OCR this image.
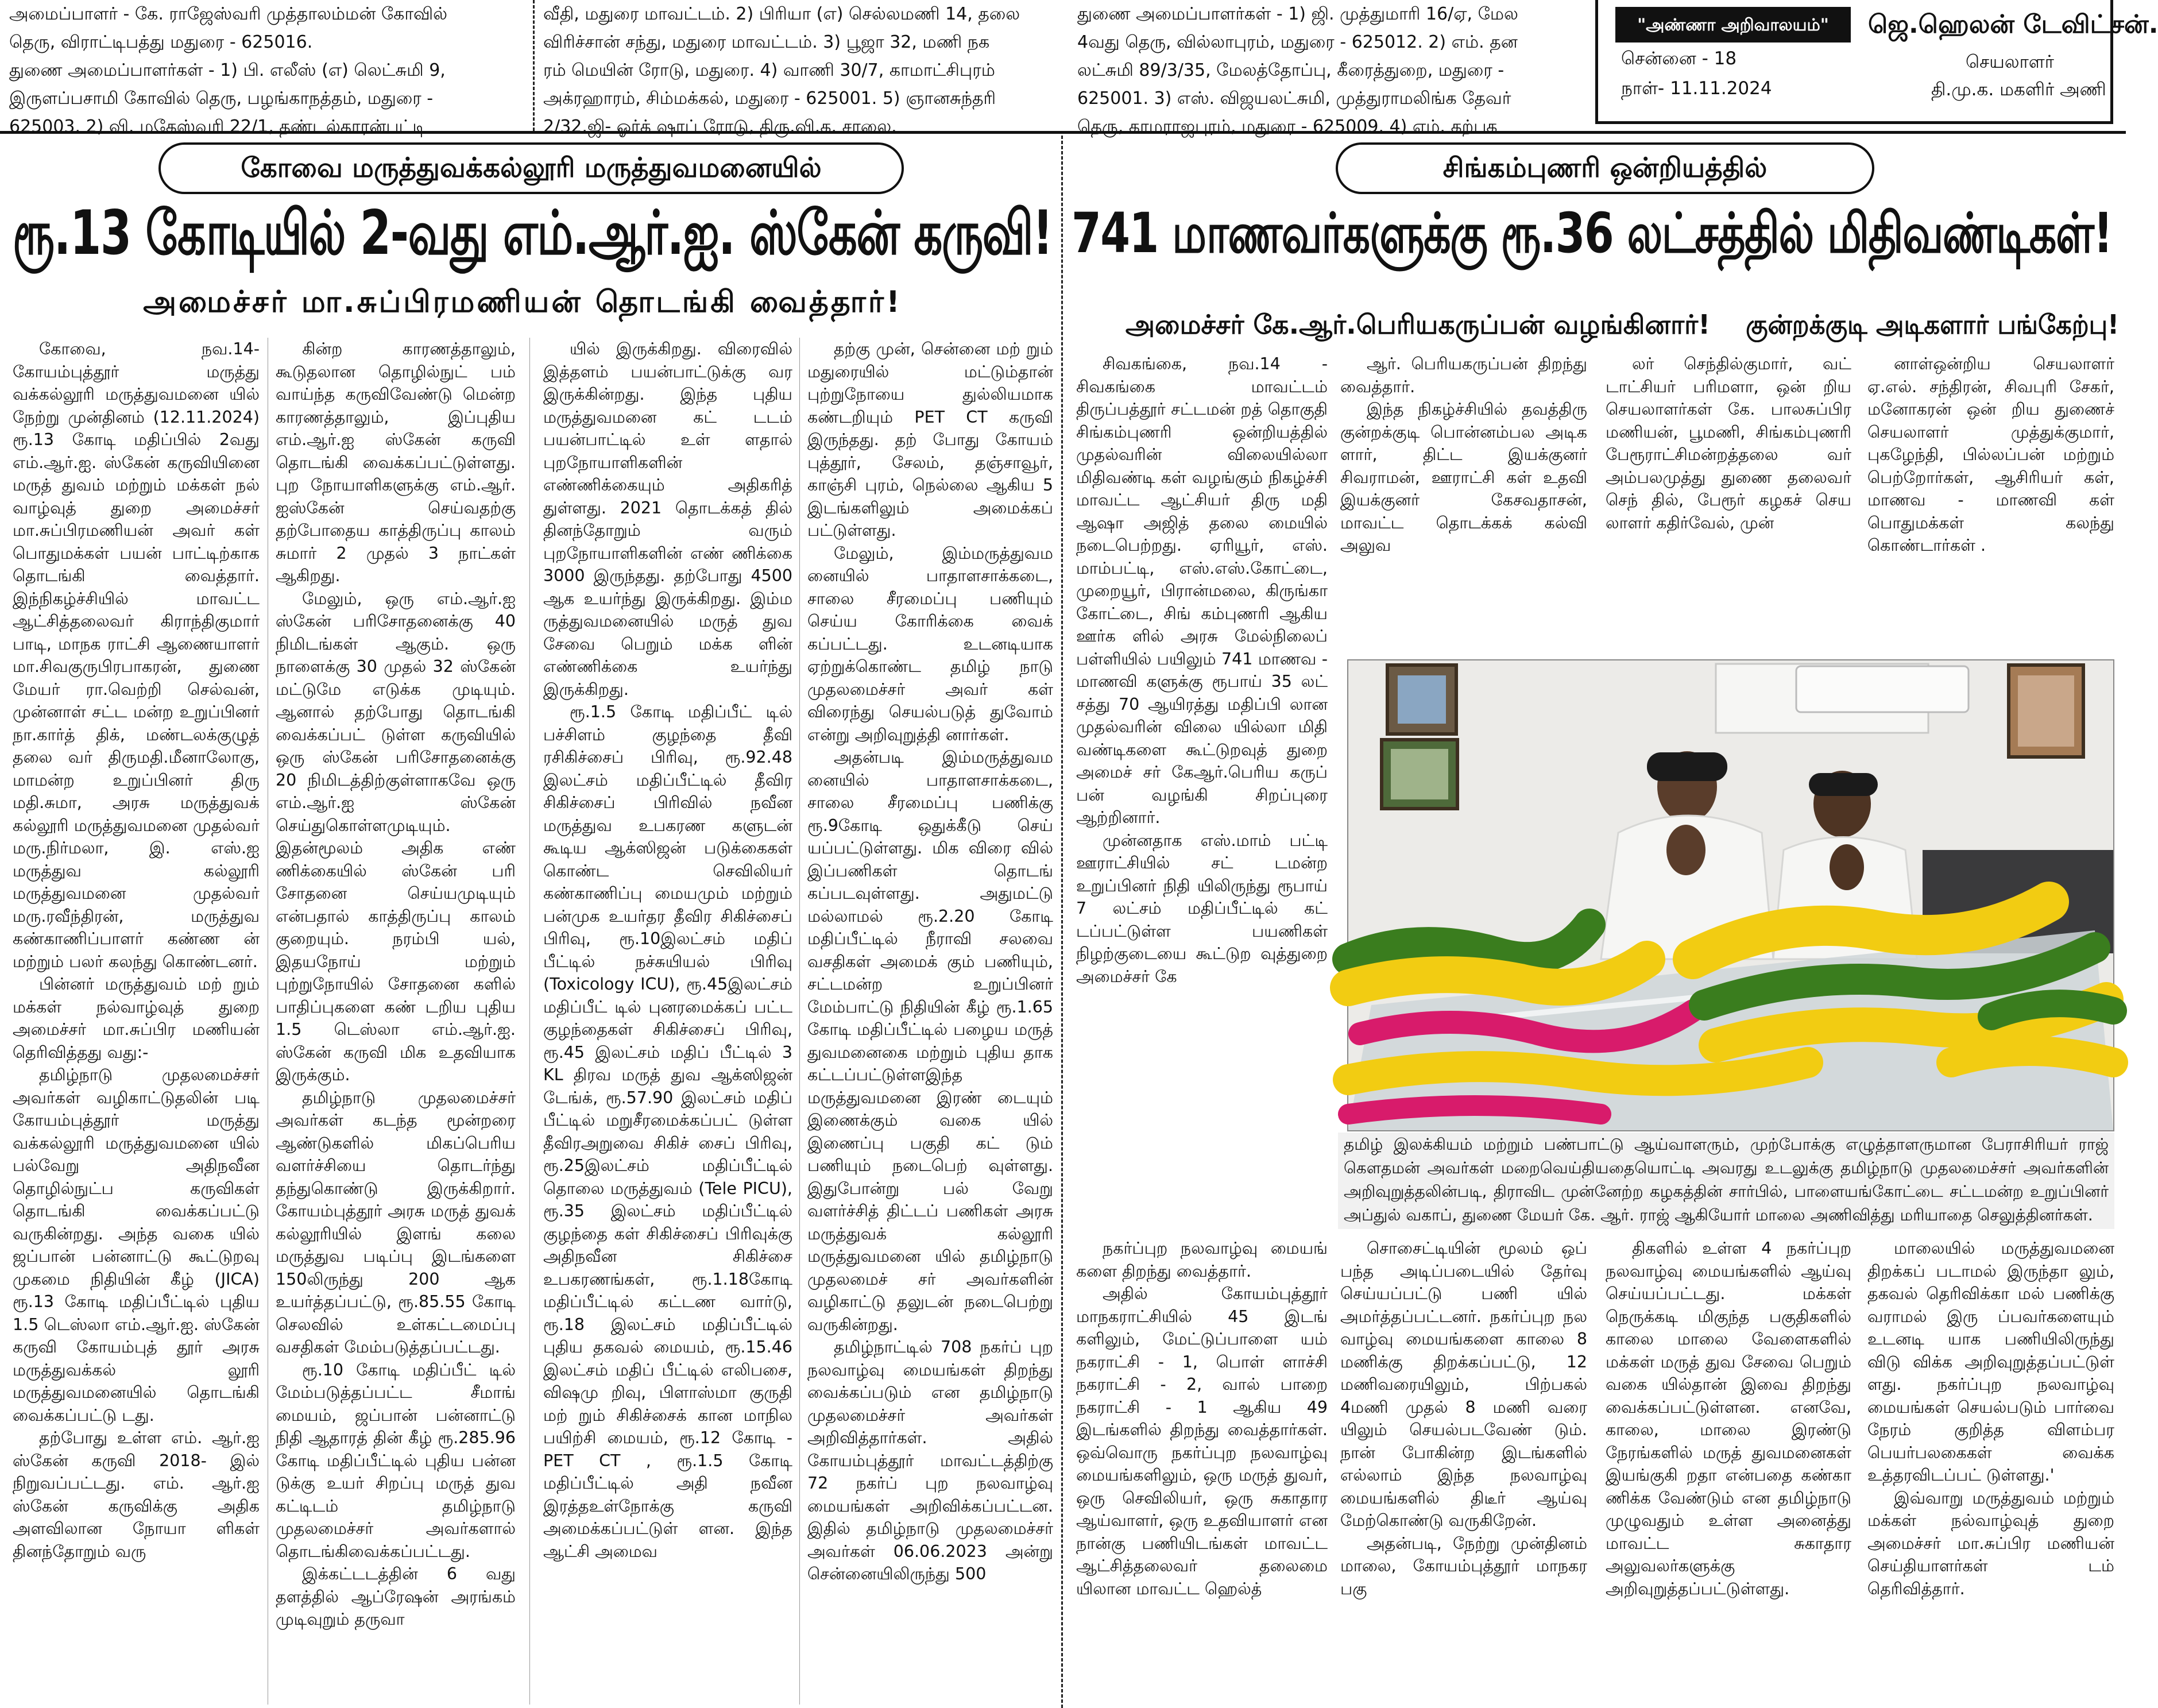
அமைப்பாளர் - கே. ராஜேஸ்வரி முத்தாலம்மன் கோவில்

தெரு, விராட்டிபத்து மதுரை - 625016.

துணை அமைப்பாளர்கள் - 1) பி. எலீஸ் (எ) லெட்சுமி 9,

இருளப்பசாமி கோவில் தெரு, பழங்காநத்தம், மதுரை -

625003. 2) வி. மகேஸ்வரி 22/1, தண்டல்காரன்பட்டி

வீதி, மதுரை மாவட்டம். 2) பிரியா (எ) செல்லமணி 14, தலை

விரிச்சான் சந்து, மதுரை மாவட்டம். 3) பூஜா 32, மணி நக

ரம் மெயின் ரோடு, மதுரை. 4) வாணி 30/7, காமாட்சிபுரம்

அக்ரஹாரம், சிம்மக்கல், மதுரை - 625001. 5) ஞானசுந்தரி

2/32.ஜி- ஓர்க் ஷாப் ரோடு, திரு.வி.க. சாலை.

துணை அமைப்பாளர்கள் - 1) ஜி. முத்துமாரி 16/ஏ, மேல

4வது தெரு, வில்லாபுரம், மதுரை - 625012. 2) எம். தன

லட்சுமி 89/3/35, மேலத்தோப்பு, கீரைத்துறை, மதுரை -

625001. 3) எஸ். விஜயலட்சுமி, முத்துராமலிங்க தேவர்

தெரு, காமராஜபுரம், மதுரை - 625009. 4) எம். கற்பக

"அண்ணா அறிவாலயம்"	ஜெ.ஹெலன் டேவிட்சன்.
சென்னை - 18	செயலாளர்
நாள்- 11.11.2024	தி.மு.க. மகளிர் அணி
கோவை மருத்துவக்கல்லூரி மருத்துவமனையில்
ரூ.13 கோடியில் 2-வது எம்.ஆர்.ஐ. ஸ்கேன் கருவி!
அமைச்சர் மா.சுப்பிரமணியன் தொடங்கி வைத்தார்!

கோவை, நவ.14- கோயம்புத்தூர் மருத்து வக்கல்லூரி மருத்துவமனை யில் நேற்று முன்தினம் (12.11.2024) ரூ.13 கோடி மதிப்பில் 2வது எம்.ஆர்.ஐ. ஸ்கேன் கருவியினை மருத் துவம் மற்றும் மக்கள் நல் வாழ்வுத் துறை அமைச்சர் மா.சுப்பிரமணியன் அவர் கள் பொதுமக்கள் பயன் பாட்டிற்காக தொடங்கி வைத்தார். இந்நிகழ்ச்சியில் மாவட்ட ஆட்சித்தலைவர் கிராந்திகுமார் பாடி, மாநக ராட்சி ஆணையாளர் மா.சிவகுருபிரபாகரன், துணை மேயர் ரா.வெற்றி செல்வன், முன்னாள் சட்ட மன்ற உறுப்பினர் நா.கார்த் திக், மண்டலக்குழுத் தலை வர் திருமதி.மீனாலோகு, மாமன்ற உறுப்பினர் திரு மதி.சுமா, அரசு மருத்துவக் கல்லூரி மருத்துவமனை முதல்வர் மரு.நிர்மலா, இ. எஸ்.ஐ மருத்துவ கல்லூரி மருத்துவமனை முதல்வர் மரு.ரவீந்திரன், மருத்துவ கண்காணிப்பாளர் கண்ண ன் மற்றும் பலர் கலந்து கொண்டனர்.

பின்னர் மருத்துவம் மற் றும் மக்கள் நல்வாழ்வுத் துறை அமைச்சர் மா.சுப்பிர மணியன் தெரிவித்தது வது:-

தமிழ்நாடு முதலமைச்சர் அவர்கள் வழிகாட்டுதலின் படி கோயம்புத்தூர் மருத்து வக்கல்லூரி மருத்துவமனை யில் பல்வேறு அதிநவீன தொழில்நுட்ப கருவிகள் தொடங்கி வைக்கப்பட்டு வருகின்றது. அந்த வகை யில் ஜப்பான் பன்னாட்டு கூட்டுறவு முகமை நிதியின் கீழ் (JICA) ரூ.13 கோடி மதிப்பீட்டில் புதிய 1.5 டெஸ்லா எம்.ஆர்.ஐ. ஸ்கேன் கருவி கோயம்புத் தூர் அரசு மருத்துவக்கல் லூரி மருத்துவமனையில் தொடங்கி வைக்கப்பட்டு டது.

தற்போது உள்ள எம். ஆர்.ஐ ஸ்கேன் கருவி 2018- இல் நிறுவப்பட்டது. எம். ஆர்.ஐ ஸ்கேன் கருவிக்கு அதிக அளவிலான நோயா ளிகள் தினந்தோறும் வரு

கின்ற காரணத்தாலும், கூடுதலான தொழில்நுட் பம் வாய்ந்த கருவிவேண்டு மென்ற காரணத்தாலும், இப்புதிய எம்.ஆர்.ஐ ஸ்கேன் கருவி தொடங்கி வைக்கப்பட்டுள்ளது. புற நோயாளிகளுக்கு எம்.ஆர். ஐஸ்கேன் செய்வதற்கு தற்போதைய காத்திருப்பு காலம் சுமார் 2 முதல் 3 நாட்கள் ஆகிறது.

மேலும், ஒரு எம்.ஆர்.ஐ ஸ்கேன் பரிசோதனைக்கு 40 நிமிடங்கள் ஆகும். ஒரு நாளைக்கு 30 முதல் 32 ஸ்கேன் மட்டுமே எடுக்க முடியும். ஆனால் தற்போது தொடங்கி வைக்கப்பட் டுள்ள கருவியில் ஒரு ஸ்கேன் பரிசோதனைக்கு 20 நிமிடத்திற்குள்ளாகவே ஒரு எம்.ஆர்.ஐ ஸ்கேன் செய்துகொள்ளமுடியும். இதன்மூலம் அதிக எண் ணிக்கையில் ஸ்கேன் பரி சோதனை செய்யமுடியும் என்பதால் காத்திருப்பு காலம் குறையும். நரம்பி யல், இதயநோய் மற்றும் புற்றுநோயில் சோதனை களில் பாதிப்புகளை கண் டறிய புதிய 1.5 டெஸ்லா எம்.ஆர்.ஐ. ஸ்கேன் கருவி மிக உதவியாக இருக்கும்.

தமிழ்நாடு முதலமைச்சர் அவர்கள் கடந்த மூன்றரை ஆண்டுகளில் மிகப்பெரிய வளர்ச்சியை தொடர்ந்து தந்துகொண்டு இருக்கிறார். கோயம்புத்தூர் அரசு மருத் துவக் கல்லூரியில் இளங் கலை மருத்துவ படிப்பு இடங்களை 150லிருந்து 200 ஆக உயர்த்தப்பட்டு, ரூ.85.55 கோடி செலவில் உள்கட்டமைப்பு வசதிகள் மேம்படுத்தப்பட்டது.

ரூ.10 கோடி மதிப்பீட் டில் மேம்படுத்தப்பட்ட சீமாங் மையம், ஜப்பான் பன்னாட்டு நிதி ஆதாரத் தின் கீழ் ரூ.285.96 கோடி மதிப்பீட்டில் புதிய பன்ன டுக்கு உயர் சிறப்பு மருத் துவ கட்டிடம் தமிழ்நாடு முதலமைச்சர் அவர்களால் தொடங்கிவைக்கப்பட்டது.

இக்கட்டடத்தின் 6 வது தளத்தில் ஆப்ரேஷன் அரங்கம் முடிவுறும் தருவா

யில் இருக்கிறது. விரைவில் இத்தளம் பயன்பாட்டுக்கு வர இருக்கின்றது. இந்த புதிய மருத்துவமனை கட் டடம் பயன்பாட்டில் உள் ளதால் புறநோயாளிகளின் எண்ணிக்கையும் அதிகரித் துள்ளது. 2021 தொடக்கத் தில் தினந்தோறும் வரும் புறநோயாளிகளின் எண் ணிக்கை 3000 இருந்தது. தற்போது 4500 ஆக உயர்ந்து இருக்கிறது. இம்ம ருத்துவமனையில் மருத் துவ சேவை பெறும் மக்க ளின் எண்ணிக்கை உயர்ந்து இருக்கிறது.

ரூ.1.5 கோடி மதிப்பீட் டில் பச்சிளம் குழந்தை தீவி ரசிகிச்சைப் பிரிவு, ரூ.92.48 இலட்சம் மதிப்பீட்டில் தீவிர சிகிச்சைப் பிரிவில் நவீன மருத்துவ உபகரண களுடன் கூடிய ஆக்ஸிஜன் படுக்கைகள் கொண்ட செவிலியர் கண்காணிப்பு மையமும் மற்றும் பன்முக உயர்தர தீவிர சிகிச்சைப் பிரிவு, ரூ.10இலட்சம் மதிப் பீட்டில் நச்சுயியல் பிரிவு (Toxicology ICU), ரூ.45இலட்சம் மதிப்பீட் டில் புனரமைக்கப் பட்ட குழந்தைகள் சிகிச்சைப் பிரிவு, ரூ.45 இலட்சம் மதிப் பீட்டில் 3 KL திரவ மருத் துவ ஆக்ஸிஜன் டேங்க், ரூ.57.90 இலட்சம் மதிப் பீட்டில் மறுசீரமைக்கப்பட் டுள்ள தீவிரஅறுவை சிகிச் சைப் பிரிவு, ரூ.25இலட்சம் மதிப்பீட்டில் தொலை மருத்துவம் (Tele PICU), ரூ.35 இலட்சம் மதிப்பீட்டில் குழந்தை கள் சிகிச்சைப் பிரிவுக்கு அதிநவீன சிகிச்சை உபகரணங்கள், ரூ.1.18கோடி மதிப்பீட்டில் கட்டண வார்டு, ரூ.18 இலட்சம் மதிப்பீட்டில் புதிய தகவல் மையம், ரூ.15.46 இலட்சம் மதிப் பீட்டில் எலிபசை, விஷமு றிவு, பிளாஸ்மா குருதி மற் றும் சிகிச்சைக் கான மாநில பயிற்சி மையம், ரூ.12 கோடி - PET CT , ரூ.1.5 கோடி மதிப்பீட்டில் அதி நவீன இரத்தஉள்நோக்கு கருவி அமைக்கப்பட்டுள் ளன. இந்த ஆட்சி அமைவ

தற்கு முன், சென்னை மற் றும் மதுரையில் மட்டும்தான் புற்றுநோயை துல்லியமாக கண்டறியும் PET CT கருவி இருந்தது. தற் போது கோயம் புத்தூர், சேலம், தஞ்சாவூர், காஞ்சி புரம், நெல்லை ஆகிய 5 இடங்களிலும் அமைக்கப் பட்டுள்ளது.

மேலும், இம்மருத்துவம னையில் பாதாளசாக்கடை, சாலை சீரமைப்பு பணியும் செய்ய கோரிக்கை வைக் கப்பட்டது. உடனடியாக ஏற்றுக்கொண்ட தமிழ் நாடு முதலமைச்சர் அவர் கள் விரைந்து செயல்படுத் துவோம் என்று அறிவுறுத்தி னார்கள்.

அதன்படி இம்மருத்துவம னையில் பாதாளசாக்கடை, சாலை சீரமைப்பு பணிக்கு ரூ.9கோடி ஒதுக்கீடு செய் யப்பட்டுள்ளது. மிக விரை வில் இப்பணிகள் தொடங் கப்படவுள்ளது. அதுமட்டு மல்லாமல் ரூ.2.20 கோடி மதிப்பீட்டில் நீராவி சலவை வசதிகள் அமைக் கும் பணியும், சட்டமன்ற உறுப்பினர் மேம்பாட்டு நிதியின் கீழ் ரூ.1.65 கோடி மதிப்பீட்டில் பழைய மருத் துவமனைகை மற்றும் புதிய தாக கட்டப்பட்டுள்ளஇந்த மருத்துவமனை இரண் டையும் இணைக்கும் வகை யில் இணைப்பு பகுதி கட் டும் பணியும் நடைபெற் வுள்ளது. இதுபோன்று பல் வேறு வளர்ச்சித் திட்டப் பணிகள் அரசு மருத்துவக் கல்லூரி மருத்துவமனை யில் தமிழ்நாடு முதலமைச் சர் அவர்களின் வழிகாட்டு தலுடன் நடைபெற்று வருகின்றது.

தமிழ்நாட்டில் 708 நகர்ப் புற நலவாழ்வு மையங்கள் திறந்து வைக்கப்படும் என தமிழ்நாடு முதலமைச்சர் அவர்கள் அறிவித்தார்கள். அதில் கோயம்புத்தூர் மாவட்டத்திற்கு 72 நகர்ப் புற நலவாழ்வு மையங்கள் அறிவிக்கப்பட்டன. இதில் தமிழ்நாடு முதலமைச்சர் அவர்கள் 06.06.2023 அன்று சென்னையிலிருந்து 500

சிங்கம்புணரி ஒன்றியத்தில்
741 மாணவர்களுக்கு ரூ.36 லட்சத்தில் மிதிவண்டிகள்!
அமைச்சர் கே.ஆர்.பெரியகருப்பன் வழங்கினார்!	குன்றக்குடி அடிகளார் பங்கேற்பு!

சிவகங்கை, நவ.14 - சிவகங்கை மாவட்டம் திருப்பத்தூர் சட்டமன் றத் தொகுதி சிங்கம்புணரி ஒன்றியத்தில் முதல்வரின் விலையில்லா மிதிவண்டி கள் வழங்கும் நிகழ்ச்சி மாவட்ட ஆட்சியர் திரு மதி ஆஷா அஜித் தலை மையில் நடைபெற்றது. ஏரியூர், எஸ். மாம்பட்டி, எஸ்.எஸ்.கோட்டை, முறையூர், பிரான்மலை, கிருங்கா கோட்டை, சிங் கம்புணரி ஆகிய ஊர்க ளில் அரசு மேல்நிலைப் பள்ளியில் பயிலும் 741 மாணவ - மாணவி களுக்கு ரூபாய் 35 லட் சத்து 70 ஆயிரத்து மதிப்பி லான முதல்வரின் விலை யில்லா மிதி வண்டிகளை கூட்டுறவுத் துறை அமைச் சர் கேஆர்.பெரிய கருப் பன் வழங்கி சிறப்புரை ஆற்றினார்.

முன்னதாக எஸ்.மாம் பட்டி ஊராட்சியில் சட் டமன்ற உறுப்பினர் நிதி யிலிருந்து ரூபாய் 7 லட்சம் மதிப்பீட்டில் கட் டப்பட்டுள்ள பயணிகள் நிழற்குடையை கூட்டுற வுத்துறை அமைச்சர் கே

ஆர். பெரியகருப்பன் திறந்து வைத்தார்.

இந்த நிகழ்ச்சியில் தவத்திரு குன்றக்குடி பொன்னம்பல அடிக ளார், திட்ட இயக்குனர் சிவராமன், ஊராட்சி கள் உதவி இயக்குனர் கேசவதாசன், மாவட்ட தொடக்கக் கல்வி அலுவ

லர் செந்தில்குமார், வட் டாட்சியர் பரிமளா, ஒன் றிய செயலாளர்கள் கே. பாலசுப்பிர மணியன், பூமணி, சிங்கம்புணரி பேரூராட்சிமன்றத்தலை வர் அம்பலமுத்து துணை தலைவர் செந் தில், பேரூர் கழகச் செய லாளர் கதிர்வேல், முன்

னாள்ஒன்றிய செயலாளர் ஏ.எல். சந்திரன், சிவபுரி சேகர், மனோகரன் ஒன் றிய துணைச் செயலாளர் முத்துக்குமார், புகழேந்தி, பில்லப்பன் மற்றும் பெற்றோர்கள், ஆசிரியர் கள், மாணவ - மாணவி கள் பொதுமக்கள் கலந்து கொண்டார்கள் .

தமிழ் இலக்கியம் மற்றும் பண்பாட்டு ஆய்வாளரும், முற்போக்கு எழுத்தாளருமான பேராசிரியர் ராஜ் கௌதமன் அவர்கள் மறைவெய்தியதையொட்டி அவரது உடலுக்கு தமிழ்நாடு முதலமைச்சர் அவர்களின் அறிவுறுத்தலின்படி, திராவிட முன்னேற்ற கழகத்தின் சார்பில், பாளையங்கோட்டை சட்டமன்ற உறுப்பினர் அப்துல் வகாப், துணை மேயர் கே. ஆர். ராஜ் ஆகியோர் மாலை அணிவித்து மரியாதை செலுத்தினர்கள்.

நகர்ப்புற நலவாழ்வு மையங் களை திறந்து வைத்தார்.

அதில் கோயம்புத்தூர் மாநகராட்சியில் 45 இடங் களிலும், மேட்டுப்பாளை யம் நகராட்சி - 1, பொள் ளாச்சி நகராட்சி - 2, வால் பாறை நகராட்சி - 1 ஆகிய 49 இடங்களில் திறந்து வைத்தார்கள். ஒவ்வொரு நகர்ப்புற நலவாழ்வு மையங்களிலும், ஒரு மருத் துவர், ஒரு செவிலியர், ஒரு சுகாதார ஆய்வாளர், ஒரு உதவியாளர் என நான்கு பணியிடங்கள் மாவட்ட ஆட்சித்தலைவர் தலைமை யிலான மாவட்ட ஹெல்த்

சொசைட்டியின் மூலம் ஒப் பந்த அடிப்படையில் தேர்வு செய்யப்பட்டு பணி யில் அமர்த்தப்பட்டனர். நகர்ப்புற நல வாழ்வு மையங்களை காலை 8 மணிக்கு திறக்கப்பட்டு, 12 மணிவரையிலும், பிற்பகல் 4மணி முதல் 8 மணி வரை யிலும் செயல்படவேண் டும். நான் போகின்ற இடங்களில் எல்லாம் இந்த நலவாழ்வு மையங்களில் திடீர் ஆய்வு மேற்கொண்டு வருகிறேன்.

அதன்படி, நேற்று முன்தினம் மாலை, கோயம்புத்தூர் மாநகர பகு

திகளில் உள்ள 4 நகர்ப்புற நலவாழ்வு மையங்களில் ஆய்வு செய்யப்பட்டது. மக்கள் நெருக்கடி மிகுந்த பகுதிகளில் காலை மாலை வேளைகளில் மக்கள் மருத் துவ சேவை பெறும் வகை யில்தான் இவை திறந்து வைக்கப்பட்டுள்ளன. எனவே, காலை, மாலை இரண்டு நேரங்களில் மருத் துவமனைகள் இயங்குகி றதா என்பதை கண்கா ணிக்க வேண்டும் என தமிழ்நாடு முழுவதும் உள்ள அனைத்து மாவட்ட சுகாதார அலுவலர்களுக்கு அறிவுறுத்தப்பட்டுள்ளது.

மாலையில் மருத்துவமனை திறக்கப் படாமல் இருந்தா லும், தகவல் தெரிவிக்கா மல் பணிக்கு வராமல் இரு ப்பவர்களையும் உடனடி யாக பணியிலிருந்து விடு விக்க அறிவுறுத்தப்பட்டுள் ளது. நகர்ப்புற நலவாழ்வு மையங்கள் செயல்படும் பார்வை நேரம் குறித்த விளம்பர பெயர்பலகைகள் வைக்க உத்தரவிடப்பட் டுள்ளது.'

இவ்வாறு மருத்துவம் மற்றும் மக்கள் நல்வாழ்வுத் துறை அமைச்சர் மா.சுப்பிர மணியன் செய்தியாளர்கள் டம் தெரிவித்தார்.
